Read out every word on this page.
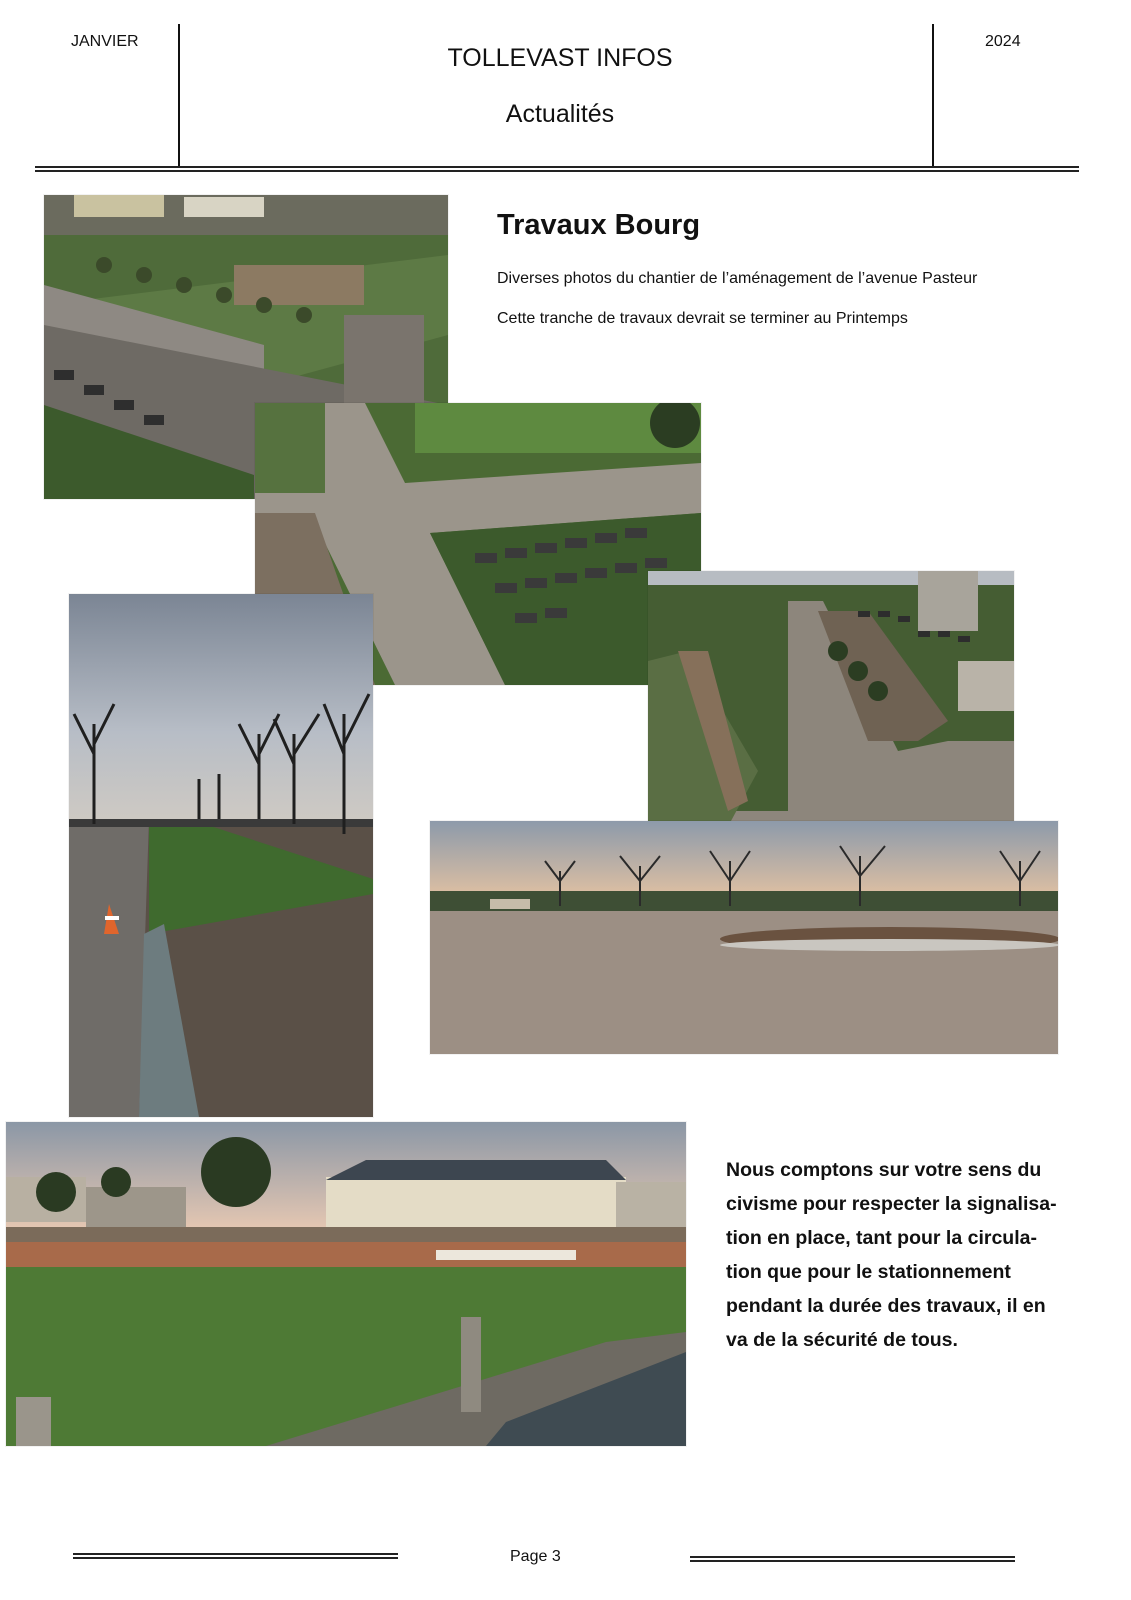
JANVIER
TOLLEVAST INFOS
Actualités
2024
Travaux Bourg
Diverses photos du chantier de l’aménagement de l’avenue Pasteur
Cette tranche de travaux devrait se terminer au Printemps
Nous comptons sur votre sens du
civisme pour respecter la signalisa-
tion en place, tant pour la circula-
tion que pour le stationnement
pendant la durée des travaux, il en
va de la sécurité de tous.
Page 3
